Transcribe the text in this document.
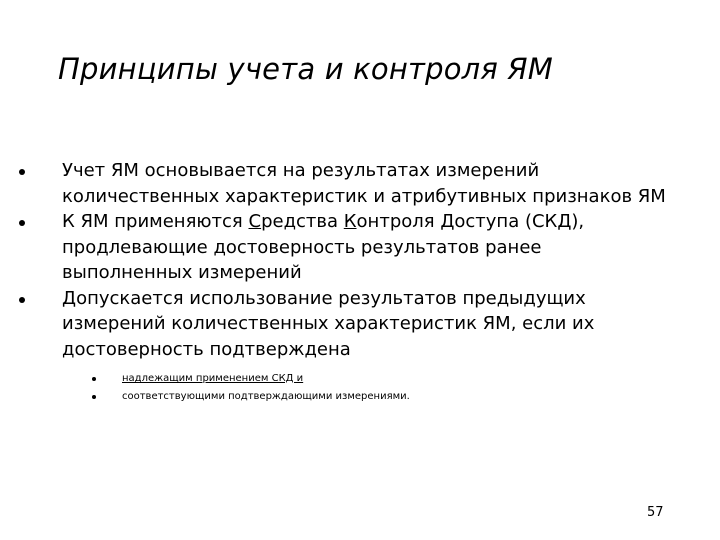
Принципы учета и контроля ЯМ
Учет ЯМ основывается на результатах измерений
количественных характеристик и атрибутивных признаков ЯМ
К ЯМ применяются Средства Контроля Доступа (СКД),
продлевающие достоверность результатов ранее
выполненных измерений
Допускается использование результатов предыдущих
измерений количественных характеристик ЯМ, если их
достоверность подтверждена
надлежащим применением СКД и
соответствующими подтверждающими измерениями.
57
